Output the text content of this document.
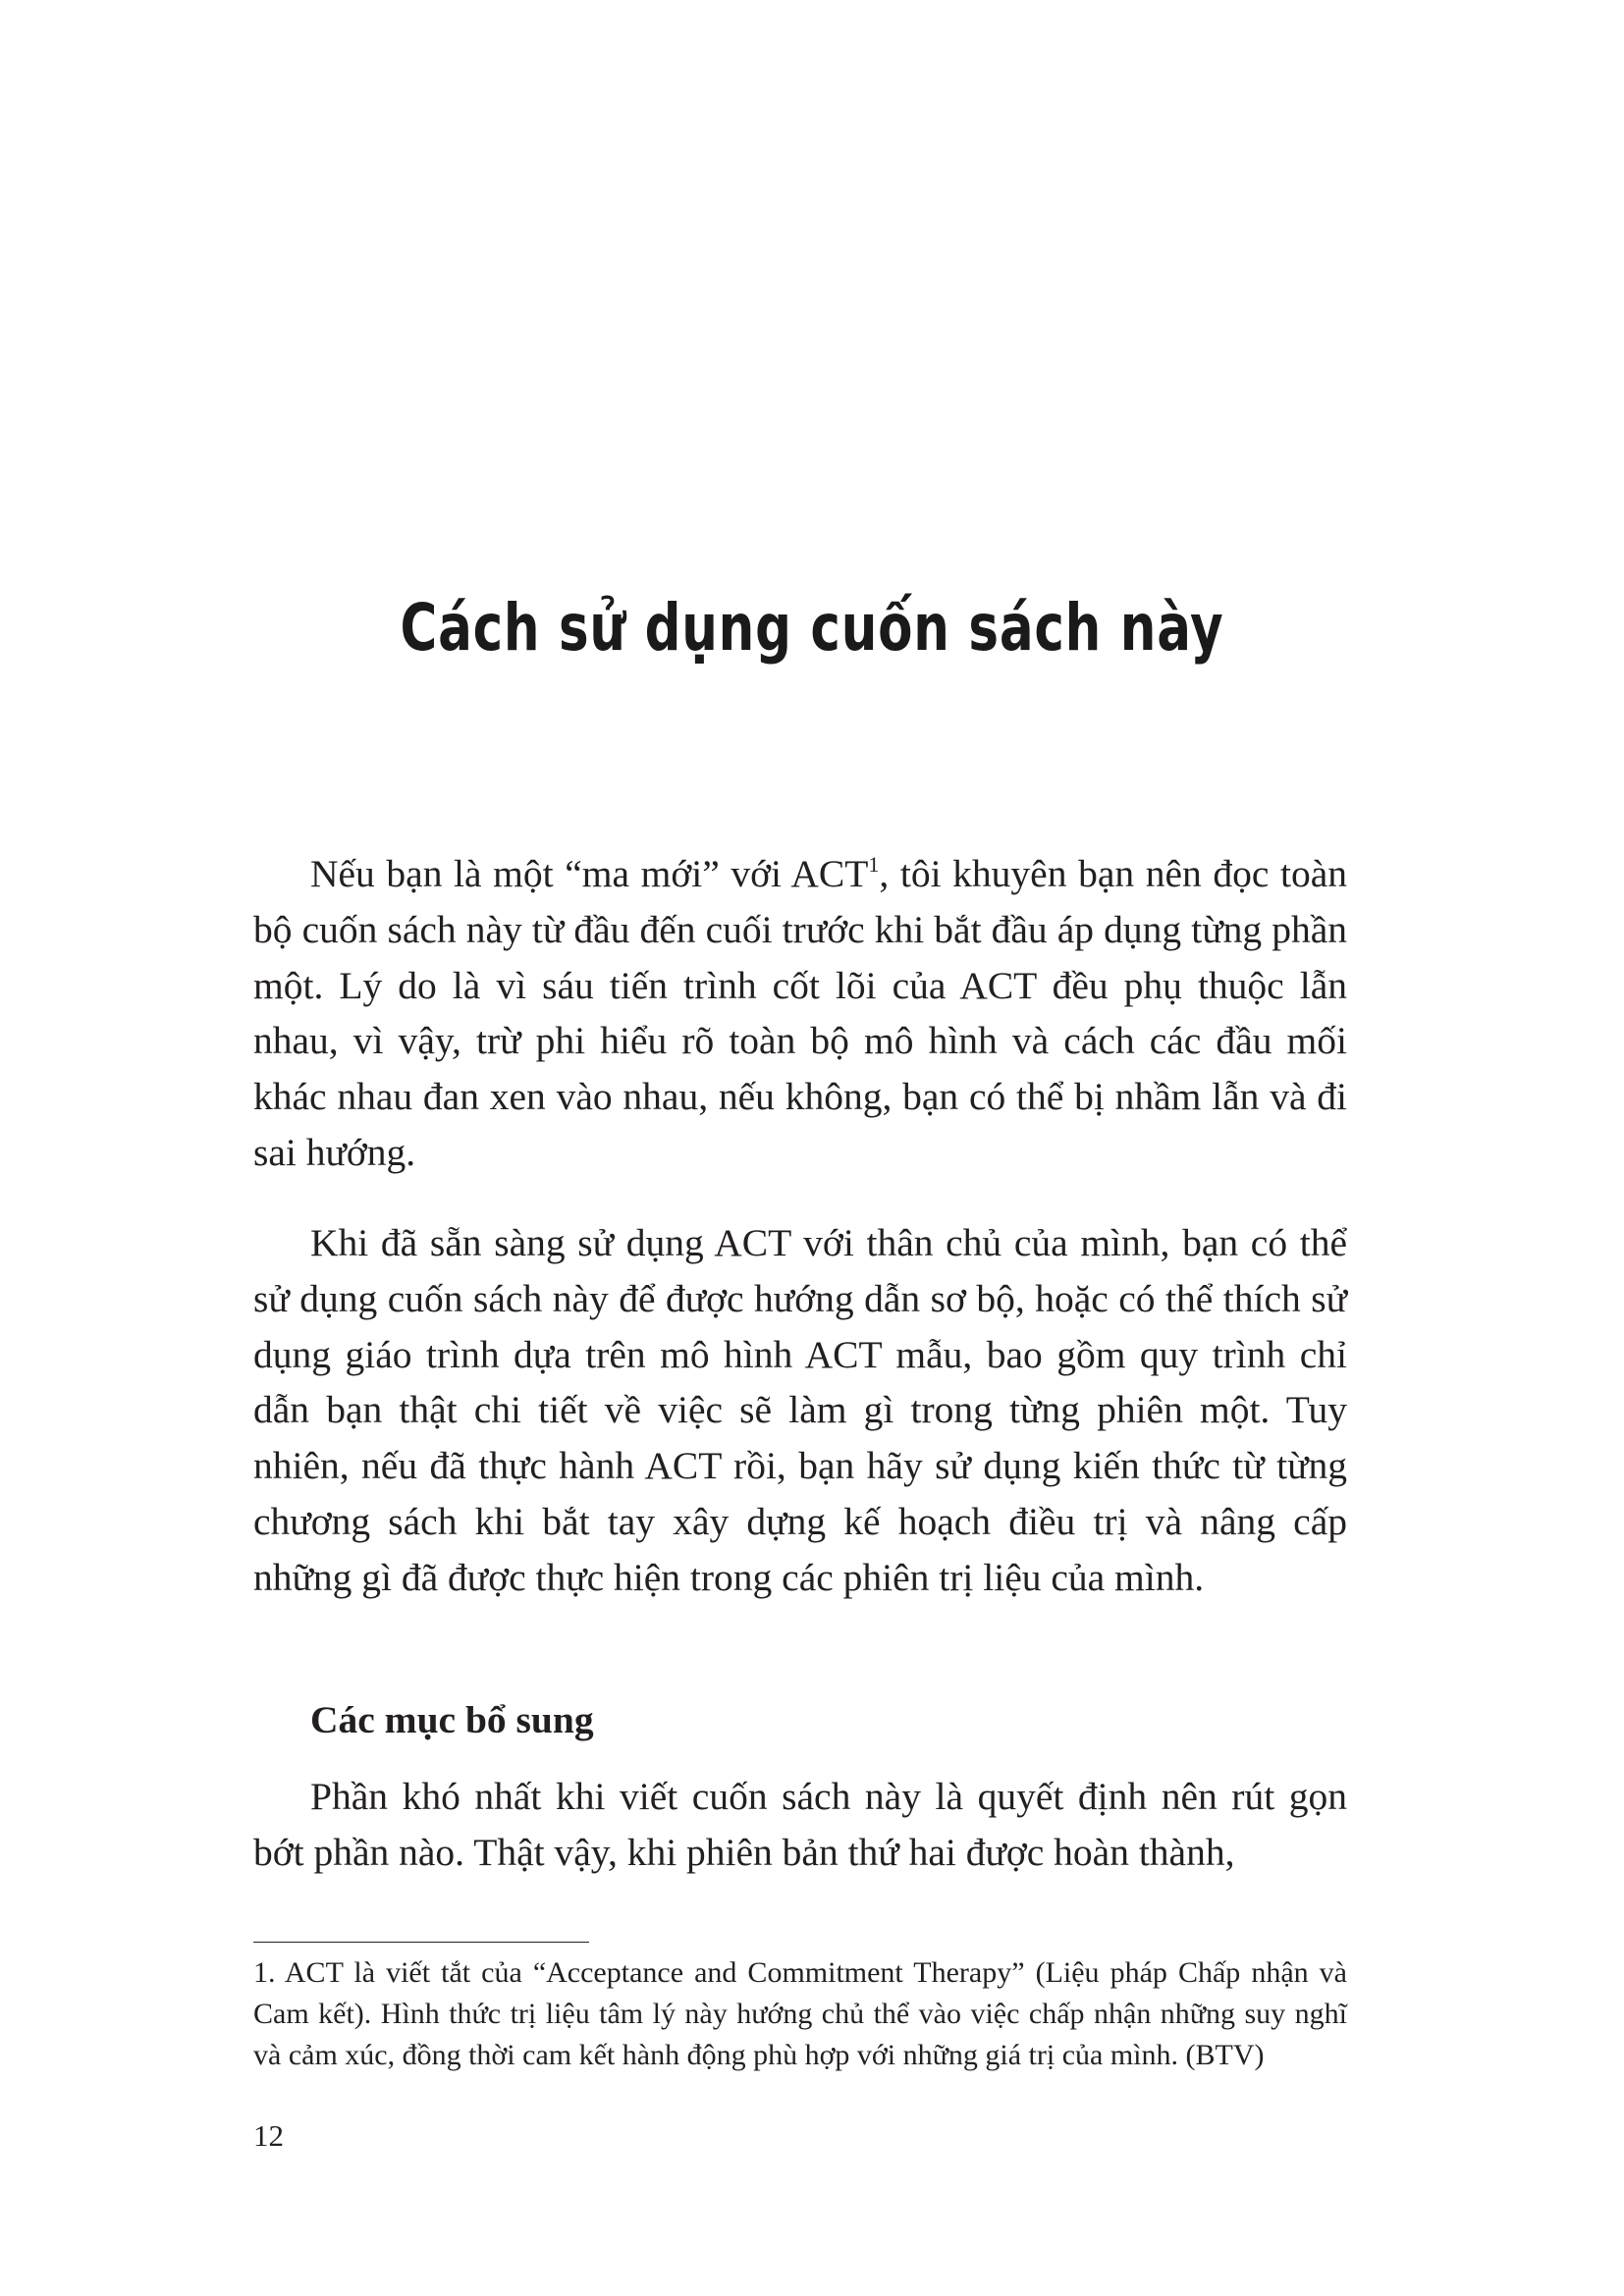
Cách sử dụng cuốn sách này

Nếu bạn là một “ma mới” với ACT$^1$, tôi khuyên bạn nên đọc toàn bộ cuốn sách này từ đầu đến cuối trước khi bắt đầu áp dụng từng phần một. Lý do là vì sáu tiến trình cốt lõi của ACT đều phụ thuộc lẫn nhau, vì vậy, trừ phi hiểu rõ toàn bộ mô hình và cách các đầu mối khác nhau đan xen vào nhau, nếu không, bạn có thể bị nhầm lẫn và đi sai hướng.

Khi đã sẵn sàng sử dụng ACT với thân chủ của mình, bạn có thể sử dụng cuốn sách này để được hướng dẫn sơ bộ, hoặc có thể thích sử dụng giáo trình dựa trên mô hình ACT mẫu, bao gồm quy trình chỉ dẫn bạn thật chi tiết về việc sẽ làm gì trong từng phiên một. Tuy nhiên, nếu đã thực hành ACT rồi, bạn hãy sử dụng kiến thức từ từng chương sách khi bắt tay xây dựng kế hoạch điều trị và nâng cấp những gì đã được thực hiện trong các phiên trị liệu của mình.

Các mục bổ sung

Phần khó nhất khi viết cuốn sách này là quyết định nên rút gọn bớt phần nào. Thật vậy, khi phiên bản thứ hai được hoàn thành,

1. ACT là viết tắt của “Acceptance and Commitment Therapy” (Liệu pháp Chấp nhận và Cam kết). Hình thức trị liệu tâm lý này hướng chủ thể vào việc chấp nhận những suy nghĩ và cảm xúc, đồng thời cam kết hành động phù hợp với những giá trị của mình. (BTV)

12
